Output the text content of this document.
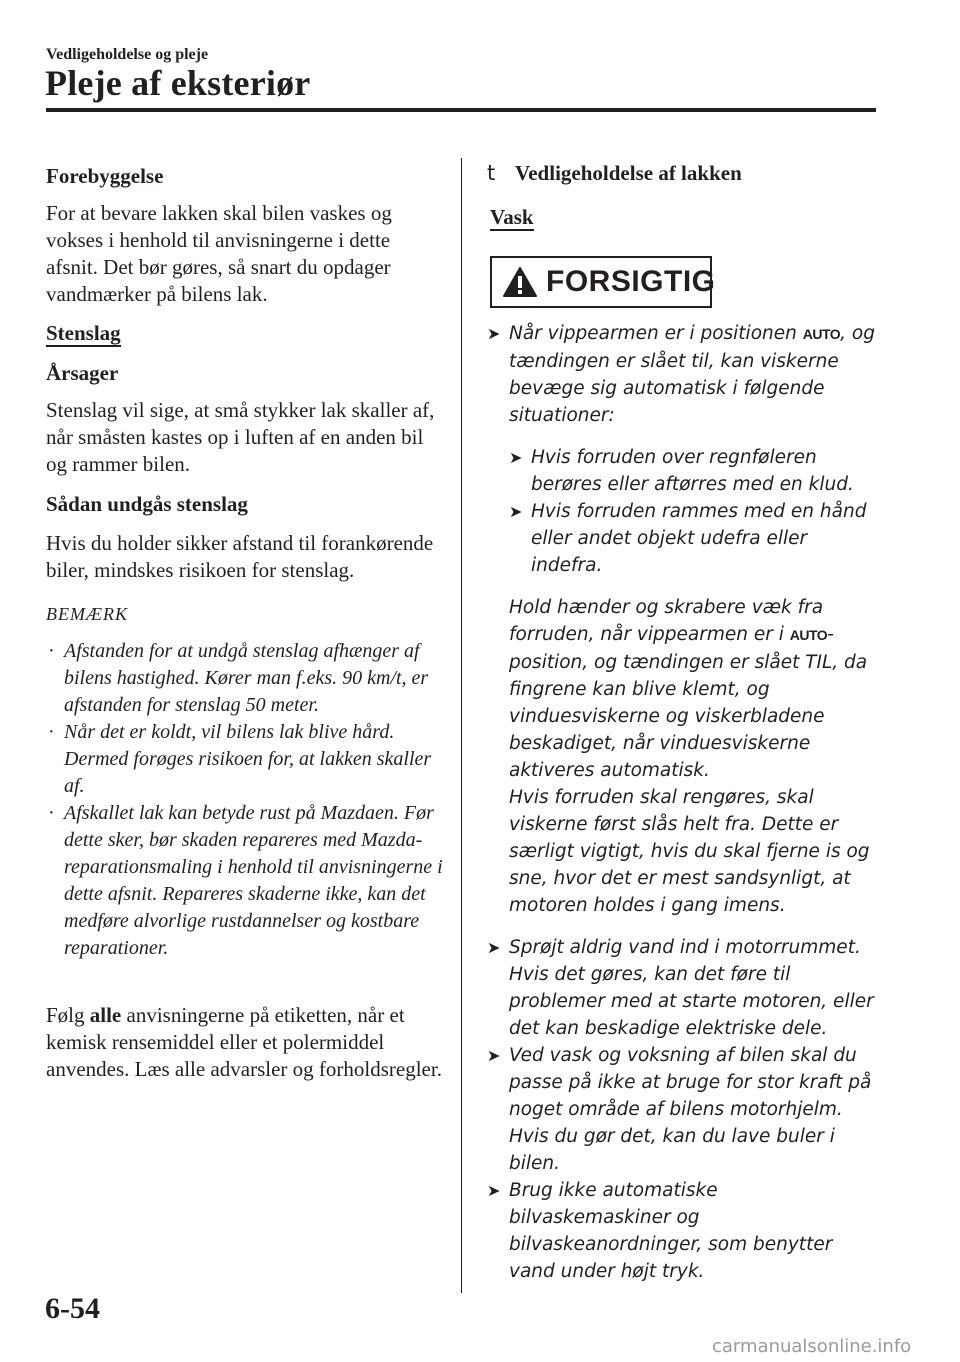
Vedligeholdelse og pleje
Pleje af eksteriør

Forebyggelse

For at bevare lakken skal bilen vaskes og vokses i henhold til anvisningerne i dette afsnit. Det bør gøres, så snart du opdager vandmærker på bilens lak.

Stenslag

Årsager

Stenslag vil sige, at små stykker lak skaller af, når småsten kastes op i luften af en anden bil og rammer bilen.

Sådan undgås stenslag

Hvis du holder sikker afstand til forankørende biler, mindskes risikoen for stenslag.

BEMÆRK

· Afstanden for at undgå stenslag afhænger af bilens hastighed. Kører man f.eks. 90 km/t, er afstanden for stenslag 50 meter.
· Når det er koldt, vil bilens lak blive hård. Dermed forøges risikoen for, at lakken skaller af.
· Afskallet lak kan betyde rust på Mazdaen. Før dette sker, bør skaden repareres med Mazda-reparationsmaling i henhold til anvisningerne i dette afsnit. Repareres skaderne ikke, kan det medføre alvorlige rustdannelser og kostbare reparationer.

Følg alle anvisningerne på etiketten, når et kemisk rensemiddel eller et polermiddel anvendes. Læs alle advarsler og forholdsregler.

t Vedligeholdelse af lakken
Vask
FORSIGTIG
➤ Når vippearmen er i positionen AUTO, og tændingen er slået til, kan viskerne bevæge sig automatisk i følgende situationer:
➤ Hvis forruden over regnføleren berøres eller aftørres med en klud.
➤ Hvis forruden rammes med en hånd eller andet objekt udefra eller indefra.
Hold hænder og skrabere væk fra forruden, når vippearmen er i AUTO-position, og tændingen er slået TIL, da fingrene kan blive klemt, og vinduesviskerne og viskerbladene beskadiget, når vinduesviskerne aktiveres automatisk.
Hvis forruden skal rengøres, skal viskerne først slås helt fra. Dette er særligt vigtigt, hvis du skal fjerne is og sne, hvor det er mest sandsynligt, at motoren holdes i gang imens.
➤ Sprøjt aldrig vand ind i motorrummet. Hvis det gøres, kan det føre til problemer med at starte motoren, eller det kan beskadige elektriske dele.
➤ Ved vask og voksning af bilen skal du passe på ikke at bruge for stor kraft på noget område af bilens motorhjelm. Hvis du gør det, kan du lave buler i bilen.
➤ Brug ikke automatiske bilvaskemaskiner og bilvaskeanordninger, som benytter vand under højt tryk.
6-54
carmanualsonline.info
